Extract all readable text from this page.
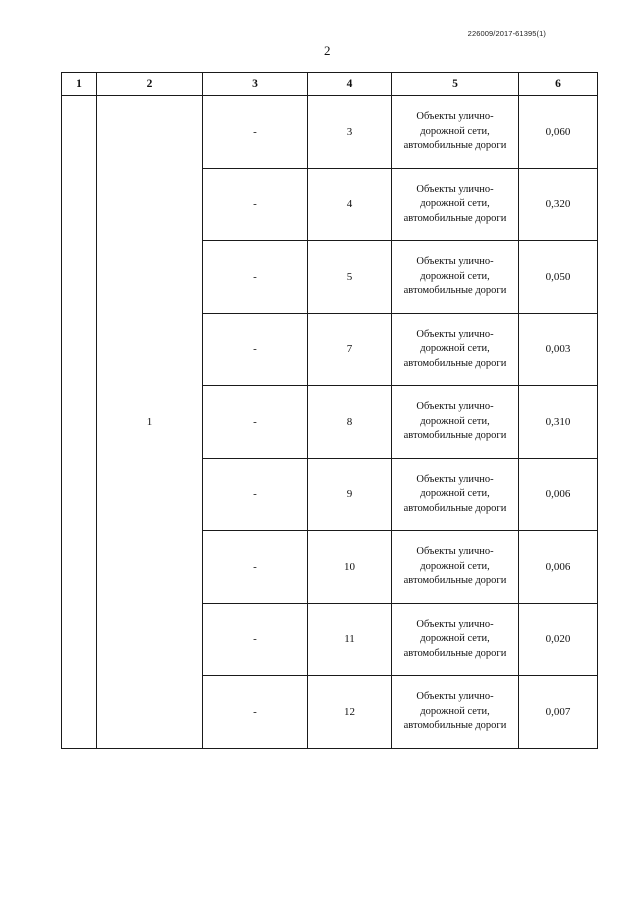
226009/2017-61395(1)
2
1	2	3	4	5	6
	1	-	3	Объекты улично-дорожной сети, автомобильные дороги	0,060
		-	4	Объекты улично-дорожной сети, автомобильные дороги	0,320
		-	5	Объекты улично-дорожной сети, автомобильные дороги	0,050
		-	7	Объекты улично-дорожной сети, автомобильные дороги	0,003
		-	8	Объекты улично-дорожной сети, автомобильные дороги	0,310
		-	9	Объекты улично-дорожной сети, автомобильные дороги	0,006
		-	10	Объекты улично-дорожной сети, автомобильные дороги	0,006
		-	11	Объекты улично-дорожной сети, автомобильные дороги	0,020
		-	12	Объекты улично-дорожной сети, автомобильные дороги	0,007
